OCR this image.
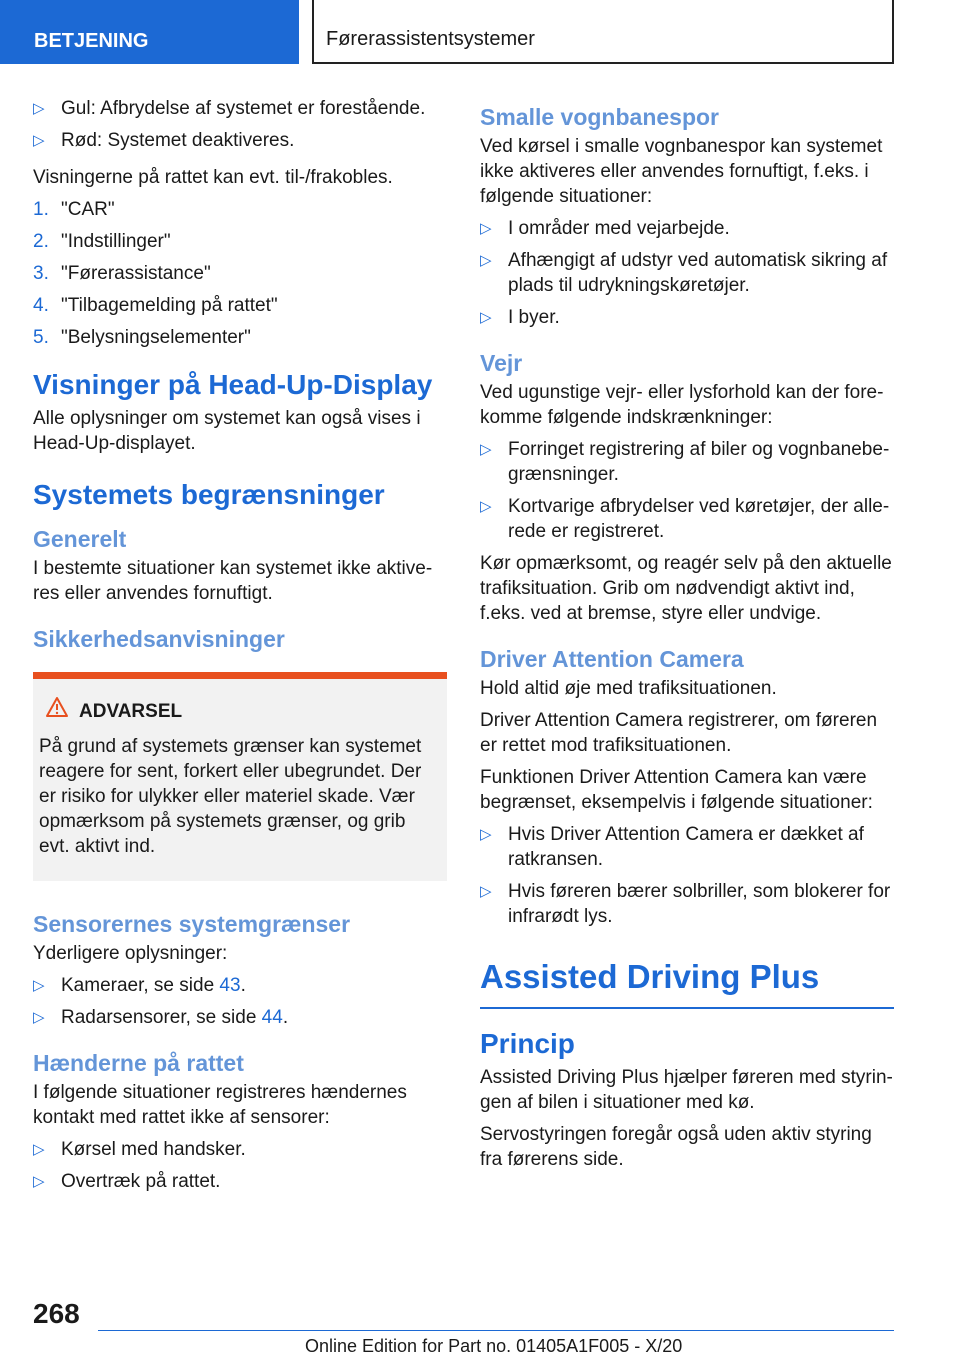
BETJENING	Førerassistentsystemer
▷ Gul: Afbrydelse af systemet er forestående.
▷ Rød: Systemet deaktiveres.

Visningerne på rattet kan evt. til-/frakobles.

1. "CAR"
2. "Indstillinger"
3. "Førerassistance"
4. "Tilbagemelding på rattet"
5. "Belysningselementer"
Visninger på Head-Up-Display

Alle oplysninger om systemet kan også vises i Head-Up-displayet.

Systemets begrænsninger
Generelt

I bestemte situationer kan systemet ikke aktive-res eller anvendes fornuftigt.

Sikkerhedsanvisninger
ADVARSEL
På grund af systemets grænser kan systemet reagere for sent, forkert eller ubegrundet. Der er risiko for ulykker eller materiel skade. Vær opmærksom på systemets grænser, og grib evt. aktivt ind.
Sensorernes systemgrænser

Yderligere oplysninger:

▷ Kameraer, se side 43.
▷ Radarsensorer, se side 44.
Hænderne på rattet

I følgende situationer registreres hændernes kontakt med rattet ikke af sensorer:

▷ Kørsel med handsker.
▷ Overtræk på rattet.
Smalle vognbanespor

Ved kørsel i smalle vognbanespor kan systemet ikke aktiveres eller anvendes fornuftigt, f.eks. i følgende situationer:

▷ I områder med vejarbejde.
▷ Afhængigt af udstyr ved automatisk sikring af plads til udrykningskøretøjer.
▷ I byer.
Vejr

Ved ugunstige vejr- eller lysforhold kan der fore-komme følgende indskrænkninger:

▷ Forringet registrering af biler og vognbanebe-grænsninger.
▷ Kortvarige afbrydelser ved køretøjer, der alle-rede er registreret.

Kør opmærksomt, og reagér selv på den aktuelle trafiksituation. Grib om nødvendigt aktivt ind, f.eks. ved at bremse, styre eller undvige.

Driver Attention Camera

Hold altid øje med trafiksituationen.

Driver Attention Camera registrerer, om føreren er rettet mod trafiksituationen.

Funktionen Driver Attention Camera kan være begrænset, eksempelvis i følgende situationer:

▷ Hvis Driver Attention Camera er dækket af ratkransen.
▷ Hvis føreren bærer solbriller, som blokerer for infrarødt lys.
Assisted Driving Plus
Princip

Assisted Driving Plus hjælper føreren med styrin-gen af bilen i situationer med kø.

Servostyringen foregår også uden aktiv styring fra førerens side.

268
Online Edition for Part no. 01405A1F005 - X/20
